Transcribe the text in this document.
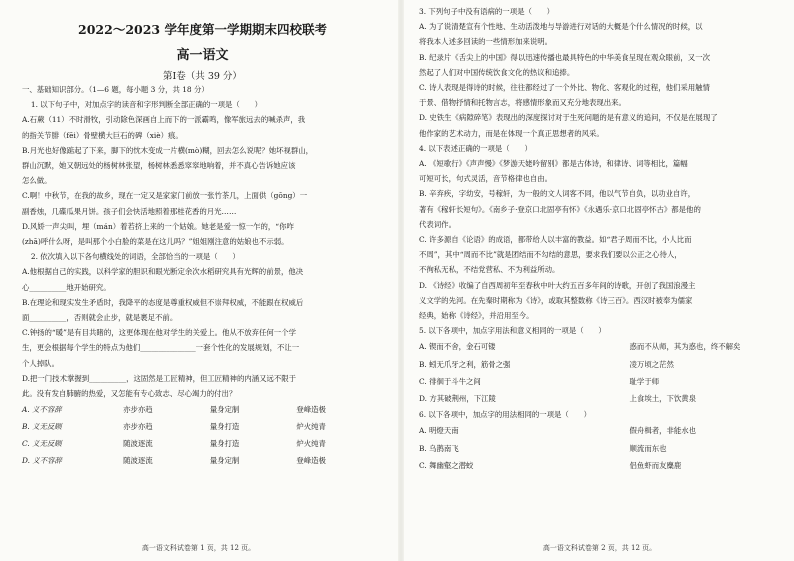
2022～2023 学年度第一学期期末四校联考
高一语文
第Ⅰ卷（共 39 分）

一、基础知识部分。（1—6 题，每小题 3 分，共 18 分）

1. 以下句子中，对加点字的读音和字形判断全部正确的一项是（　　）

A.石蕨（11）不时滑牧，引动除色深画自上而下的一派霸鸣，像军旅远去的喊杀声，我

的指关节腓（fēi）骨壁横大巨石的碑（xiè）痕。

B.月光也好像踮起了下来，脚下的忱木变成一片横(mò)糊，回去怎么说呢？她坏视群山，

群山沉默，她又朝远处的杨树林张望，杨树林悉悉窣窣地响着，并不真心告诉她应该

怎么做。

C.啊！中秋节，在我的故乡，现在一定又是家家门前放一张竹茶几，上面供（gōng）一

副香烛，几碟瓜果月饼。孩子们会快活地照着那桂花香的月光……

D.风娇一声尖叫，埋（mán）着若挤上来的一个姑娘。她老是爱一惊一乍的，“你咋

(zhā)呼什么呀，是叫那个小白脸的菜是在这儿吗？”姐姐刚注意的姑娘也不示弱。

2. 依次填入以下各句横线处的词语，全部恰当的一项是（　　）

A.他根据自己的实践，以科学家的胆识和眼光断定余次水稻研究具有光辉的前景，他决

心__________地开始研究。

B.在理论和现实发生矛盾时，我降平的态度是尊重权威但不崇拜权威，不能跟在权威后

面__________，否则就会止步，就是裹足不前。

C.钟扬的“暖”是有目共睹的，这更体现在他对学生的关爱上。他从不放弃任何一个学

生，更会根据每个学生的特点为他们_______________一套个性化的发展规划，不让一

个人掉队。

D.把一门技术掌握到__________，这固然是工匠精神，但工匠精神的内涵又远不限于

此。没有发自肺腑的热爱，又怎能有专心致志、尽心竭力的付出？

A. 义不容辞	亦步亦趋	量身定制	登峰造极
B. 义无反顾	亦步亦趋	量身打造	炉火纯青
C. 义无反顾	随波逐流	量身打造	炉火纯青
D. 义不容辞	随波逐流	量身定制	登峰造极
高一语文科试卷第 1 页，共 12 页。

3. 下列句子中没有语病的一项是（　　）

A. 为了说清楚宣有个性地、生动活泼地与导游进行对话的大概是个什么情况的时候，以

将我本人述多回读的一些情形加来说明。

B. 纪录片《舌尖上的中国》得以迅速传播也最具特色的中华美食呈现在观众眼前，又一次

然起了人们对中国传统饮食文化的热议和追捧。

C. 诗人表现是得诗的时候，往往都经过了一个外比、物化、客观化的过程，他们采用触情

于景、借物抒情和托物言志，将感情形象而又充分地表现出来。

D. 史铁生《病隙碎笔》表现出的深度探讨对于生死问题的是有意义的追问，不仅是在展现了

他作家的艺术动力，而是在体现一个真正思想者的风采。

4. 以下表述正确的一项是（　　）

A. 《短歌行》《声声慢》《梦游天姥吟留别》都是古体诗，和律诗、词等相比，篇幅

可短可长，句式灵活，音节格律也自由。

B. 辛弃疾，字幼安，号稼轩，为一般的文人词客不同，他以气节自负，以功业自许，

著有《稼轩长短句》。《南乡子·登京口北固亭有怀》《永遇乐·京口北固亭怀古》都是他的

代表词作。

C. 许多源自《论语》的成语，都带给人以丰富的教益。如“君子周而不比，小人比而

不周”，其中“周而不比”就是团结而不勾结的意思，要求我们要以公正之心待人，

不徇私无私，不结党营私、不为利益所动。

D. 《诗经》收编了自西周初年至春秋中叶大约五百多年间的诗歌，开创了我国浪漫主

义文学的先河。在先秦时期称为《诗》，或取其整数称《诗三百》。西汉时被奉为儒家

经典，始称《诗经》，并沿用至今。

5. 以下各项中，加点字用法和意义相同的一项是（　　）

A. 锲而不舍，金石可镂	惑而不从师，其为惑也，终不解矣
B. 蚓无爪牙之利，筋骨之强	凌万顷之茫然
C. 徘徊于斗牛之间	耻学于师
D. 方其破荆州，下江陵	上食埃土，下饮黄泉

6. 以下各项中，加点字的用法相同的一项是（　　）

A. 明燈天南	假舟楫者，非能水也
B. 乌鹊南飞	顺流而东也
C. 舞幽壑之潜蛟	侣鱼虾而友麋鹿
高一语文科试卷第 2 页，共 12 页。
